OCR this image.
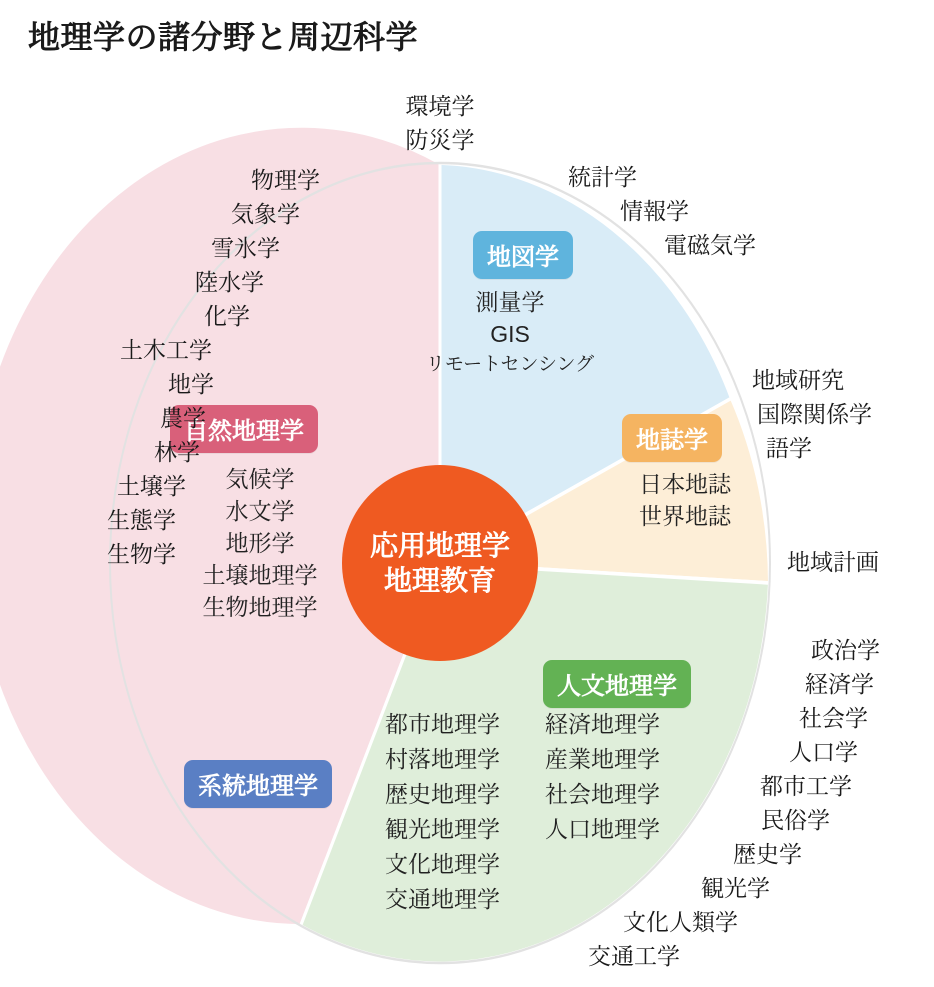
地理学の諸分野と周辺科学
応用地理学
地理教育
自然地理学
地図学
地誌学
人文地理学
系統地理学
気候学
水文学
地形学
土壌地理学
生物地理学
測量学
GIS
リモートセンシング
日本地誌
世界地誌
都市地理学
村落地理学
歴史地理学
観光地理学
文化地理学
交通地理学
経済地理学
産業地理学
社会地理学
人口地理学
環境学
防災学
統計学
情報学
電磁気学
地域研究
国際関係学
語学
地域計画
政治学
経済学
社会学
人口学
都市工学
民俗学
歴史学
観光学
文化人類学
交通工学
物理学
気象学
雪氷学
陸水学
化学
土木工学
地学
農学
林学
土壌学
生態学
生物学
